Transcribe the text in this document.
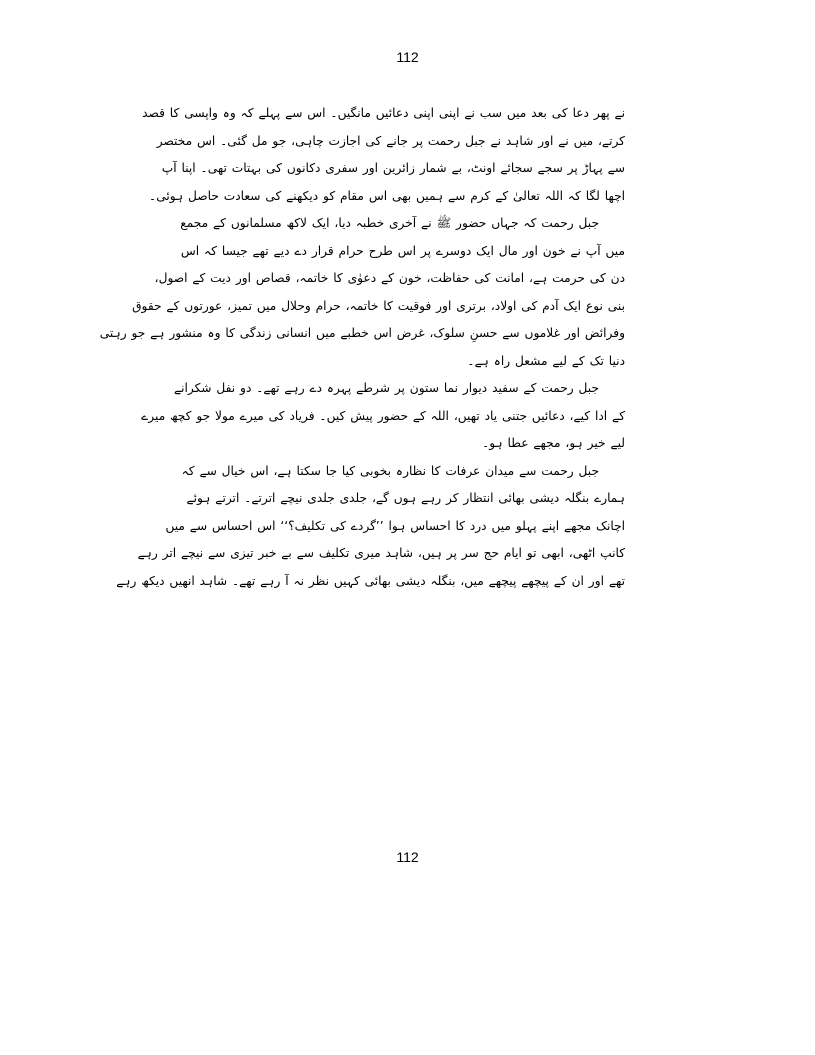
112
نے پھر دعا کی بعد میں سب نے اپنی اپنی دعائیں مانگیں۔ اس سے پہلے کہ وہ واپسی کا قصد
کرتے، میں نے اور شاہد نے جبل رحمت پر جانے کی اجازت چاہی، جو مل گئی۔ اس مختصر
سے پہاڑ پر سجے سجائے اونٹ، بے شمار زائرین اور سفری دکانوں کی بہتات تھی۔ اپنا آپ
اچھا لگا کہ اللہ تعالیٰ کے کرم سے ہمیں بھی اس مقام کو دیکھنے کی سعادت حاصل ہوئی۔
جبل رحمت کہ جہاں حضور ﷺ نے آخری خطبہ دیا، ایک لاکھ مسلمانوں کے مجمع
میں آپ نے خون اور مال ایک دوسرے پر اس طرح حرام قرار دے دیے تھے جیسا کہ اس
دن کی حرمت ہے، امانت کی حفاظت، خون کے دعوٰی کا خاتمہ، قصاص اور دیت کے اصول،
بنی نوع ایک آدم کی اولاد، برتری اور فوقیت کا خاتمہ، حرام وحلال میں تمیز، عورتوں کے حقوق
وفرائض اور غلاموں سے حسنِ سلوک، غرض اس خطبے میں انسانی زندگی کا وہ منشور ہے جو رہتی
دنیا تک کے لیے مشعل راہ ہے۔
جبل رحمت کے سفید دیوار نما ستون پر شرطے پہرہ دے رہے تھے۔ دو نفل شکرانے
کے ادا کیے، دعائیں جتنی یاد تھیں، اللہ کے حضور پیش کیں۔ فریاد کی میرے مولا جو کچھ میرے
لیے خیر ہو، مجھے عطا ہو۔
جبل رحمت سے میدان عرفات کا نظارہ بخوبی کیا جا سکتا ہے، اس خیال سے کہ
ہمارے بنگلہ دیشی بھائی انتظار کر رہے ہوں گے، جلدی جلدی نیچے اترتے۔ اترتے ہوئے
اچانک مجھے اپنے پہلو میں درد کا احساس ہوا ’’گردے کی تکلیف؟‘‘ اس احساس سے میں
کانپ اٹھی، ابھی تو ایام حج سر پر ہیں، شاہد میری تکلیف سے بے خبر تیزی سے نیچے اتر رہے
تھے اور ان کے پیچھے پیچھے میں، بنگلہ دیشی بھائی کہیں نظر نہ آ رہے تھے۔ شاہد انھیں دیکھ رہے
112
